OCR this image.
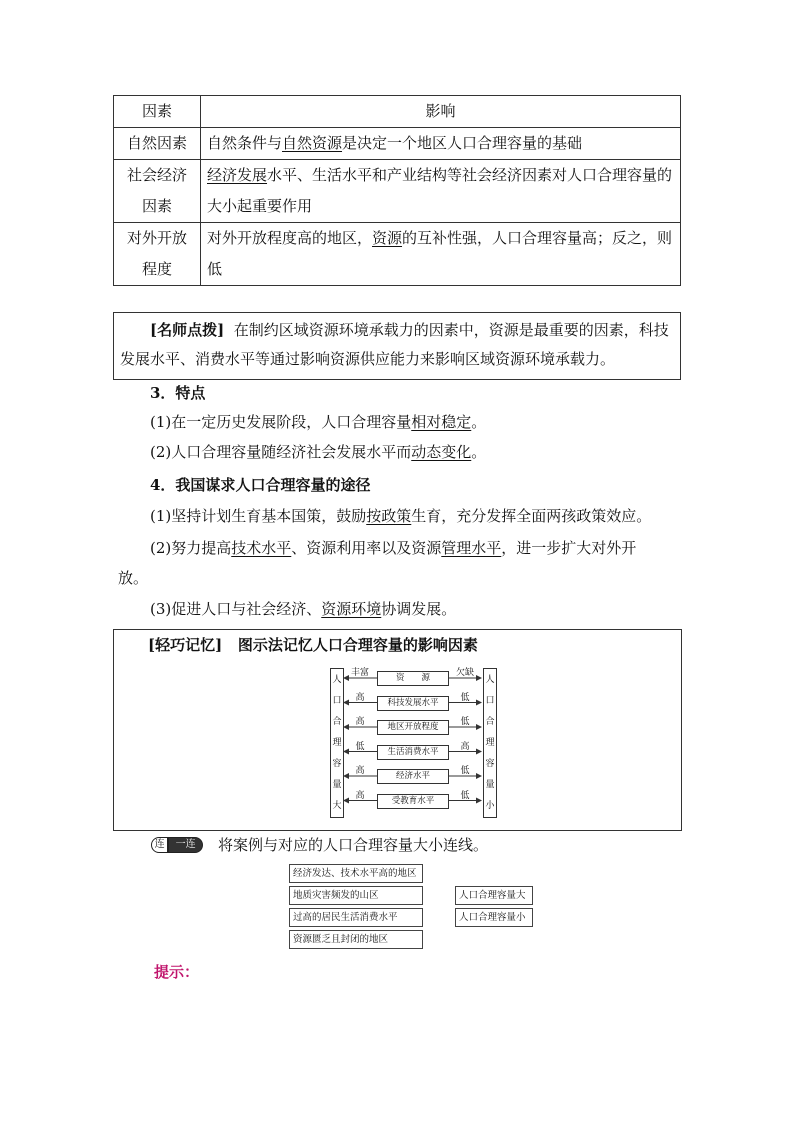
因素	影响
自然因素	自然条件与自然资源是决定一个地区人口合理容量的基础
社会经济
因素	经济发展水平、生活水平和产业结构等社会经济因素对人口合理容量的大小起重要作用
对外开放
程度	对外开放程度高的地区，资源的互补性强，人口合理容量高；反之，则低
[名师点拨] 在制约区域资源环境承载力的因素中，资源是最重要的因素，科技发展水平、消费水平等通过影响资源供应能力来影响区域资源环境承载力。
3．特点
(1)在一定历史发展阶段，人口合理容量相对稳定。
(2)人口合理容量随经济社会发展水平而动态变化。
4．我国谋求人口合理容量的途径
(1)坚持计划生育基本国策，鼓励按政策生育，充分发挥全面两孩政策效应。
(2)努力提高技术水平、资源利用率以及资源管理水平，进一步扩大对外开
放。
(3)促进人口与社会经济、资源环境协调发展。
[轻巧记忆] 图示法记忆人口合理容量的影响因素
人
口
合
理
容
量
大
人
口
合
理
容
量
小
丰富	资　　源	欠缺
高	科技发展水平	低
高	地区开放程度	低
低	生活消费水平	高
高	经济水平	低
高	受教育水平	低
连	一连	将案例与对应的人口合理容量大小连线。
经济发达、技术水平高的地区
地质灾害频发的山区
过高的居民生活消费水平
资源匮乏且封闭的地区
人口合理容量大
人口合理容量小
提示：
